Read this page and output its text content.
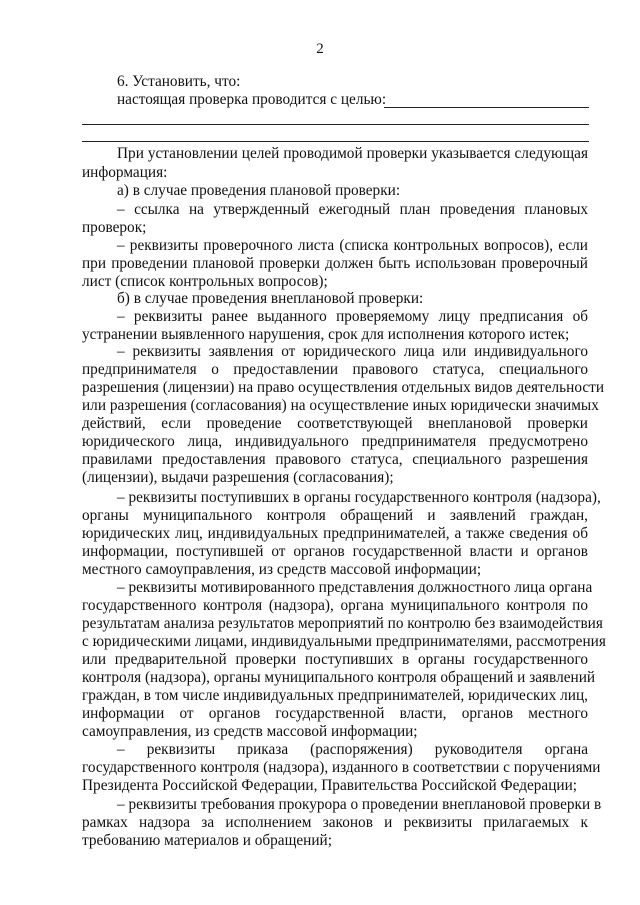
2
6. Установить, что:
настоящая проверка проводится с целью:
При установлении целей проводимой проверки указывается следующая
информация:
а) в случае проведения плановой проверки:
– ссылка на утвержденный ежегодный план проведения плановых
проверок;
– реквизиты проверочного листа (списка контрольных вопросов), если
при проведении плановой проверки должен быть использован проверочный
лист (список контрольных вопросов);
б) в случае проведения внеплановой проверки:
– реквизиты ранее выданного проверяемому лицу предписания об
устранении выявленного нарушения, срок для исполнения которого истек;
– реквизиты заявления от юридического лица или индивидуального
предпринимателя о предоставлении правового статуса, специального
разрешения (лицензии) на право осуществления отдельных видов деятельности
или разрешения (согласования) на осуществление иных юридически значимых
действий, если проведение соответствующей внеплановой проверки
юридического лица, индивидуального предпринимателя предусмотрено
правилами предоставления правового статуса, специального разрешения
(лицензии), выдачи разрешения (согласования);
– реквизиты поступивших в органы государственного контроля (надзора),
органы муниципального контроля обращений и заявлений граждан,
юридических лиц, индивидуальных предпринимателей, а также сведения об
информации, поступившей от органов государственной власти и органов
местного самоуправления, из средств массовой информации;
– реквизиты мотивированного представления должностного лица органа
государственного контроля (надзора), органа муниципального контроля по
результатам анализа результатов мероприятий по контролю без взаимодействия
с юридическими лицами, индивидуальными предпринимателями, рассмотрения
или предварительной проверки поступивших в органы государственного
контроля (надзора), органы муниципального контроля обращений и заявлений
граждан, в том числе индивидуальных предпринимателей, юридических лиц,
информации от органов государственной власти, органов местного
самоуправления, из средств массовой информации;
– реквизиты приказа (распоряжения) руководителя органа
государственного контроля (надзора), изданного в соответствии с поручениями
Президента Российской Федерации, Правительства Российской Федерации;
– реквизиты требования прокурора о проведении внеплановой проверки в
рамках надзора за исполнением законов и реквизиты прилагаемых к
требованию материалов и обращений;
